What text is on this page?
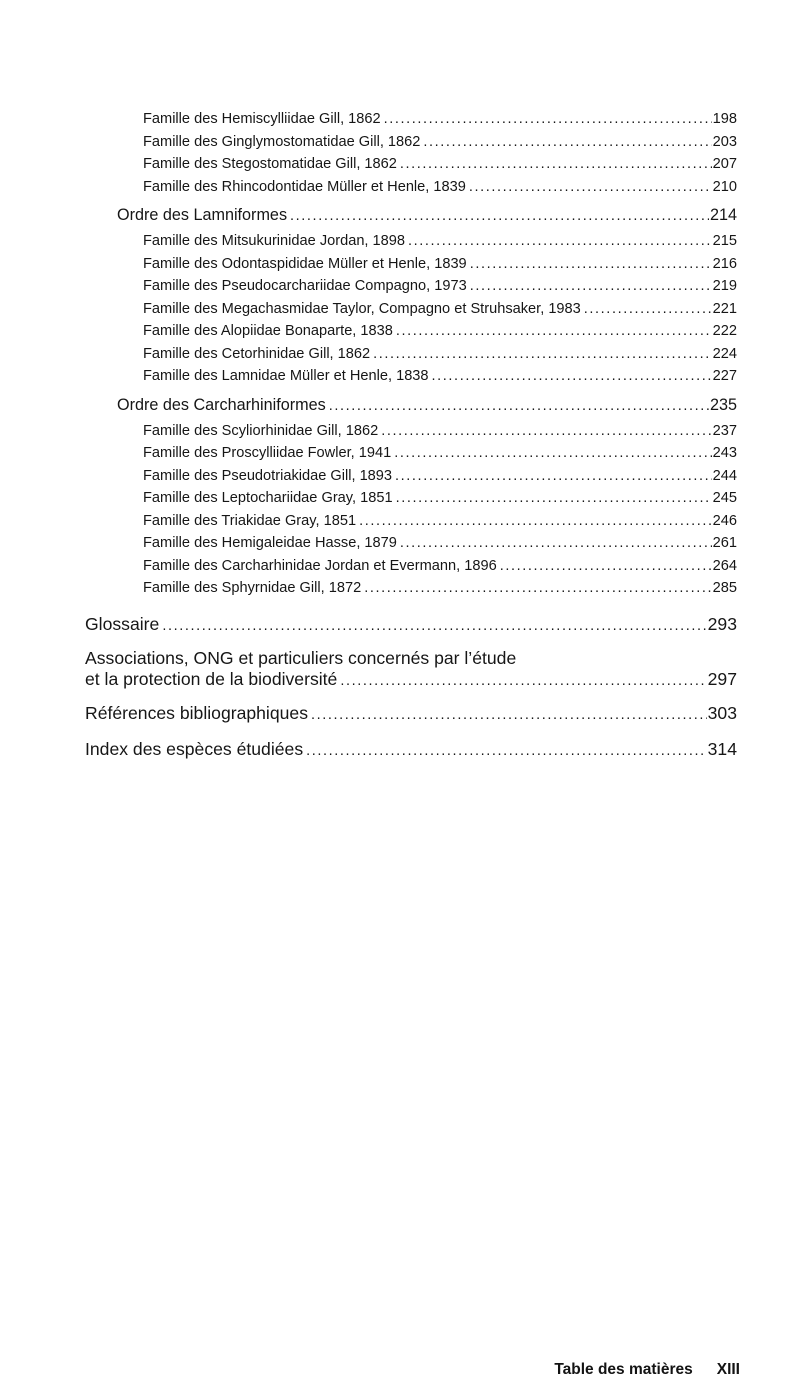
Famille des Hemiscylliidae Gill, 1862 .....	198
Famille des Ginglymostomatidae Gill, 1862 .....	203
Famille des Stegostomatidae Gill, 1862 .....	207
Famille des Rhincodontidae Müller et Henle, 1839 .....	210
Ordre des Lamniformes .....	214
Famille des Mitsukurinidae Jordan, 1898 .....	215
Famille des Odontaspididae Müller et Henle, 1839 .....	216
Famille des Pseudocarchariidae Compagno, 1973 .....	219
Famille des Megachasmidae Taylor, Compagno et Struhsaker, 1983 .....	221
Famille des Alopiidae Bonaparte, 1838 .....	222
Famille des Cetorhinidae Gill, 1862 .....	224
Famille des Lamnidae Müller et Henle, 1838 .....	227
Ordre des Carcharhiniformes .....	235
Famille des Scyliorhinidae Gill, 1862 .....	237
Famille des Proscylliidae Fowler, 1941 .....	243
Famille des Pseudotriakidae Gill, 1893 .....	244
Famille des Leptochariidae Gray, 1851 .....	245
Famille des Triakidae Gray, 1851 .....	246
Famille des Hemigaleidae Hasse, 1879 .....	261
Famille des Carcharhinidae Jordan et Evermann, 1896 .....	264
Famille des Sphyrnidae Gill, 1872 .....	285
Glossaire .....	293
Associations, ONG et particuliers concernés par l’étude
et la protection de la biodiversité .....	297
Références bibliographiques .....	303
Index des espèces étudiées .....	314
Table des matières XIII
